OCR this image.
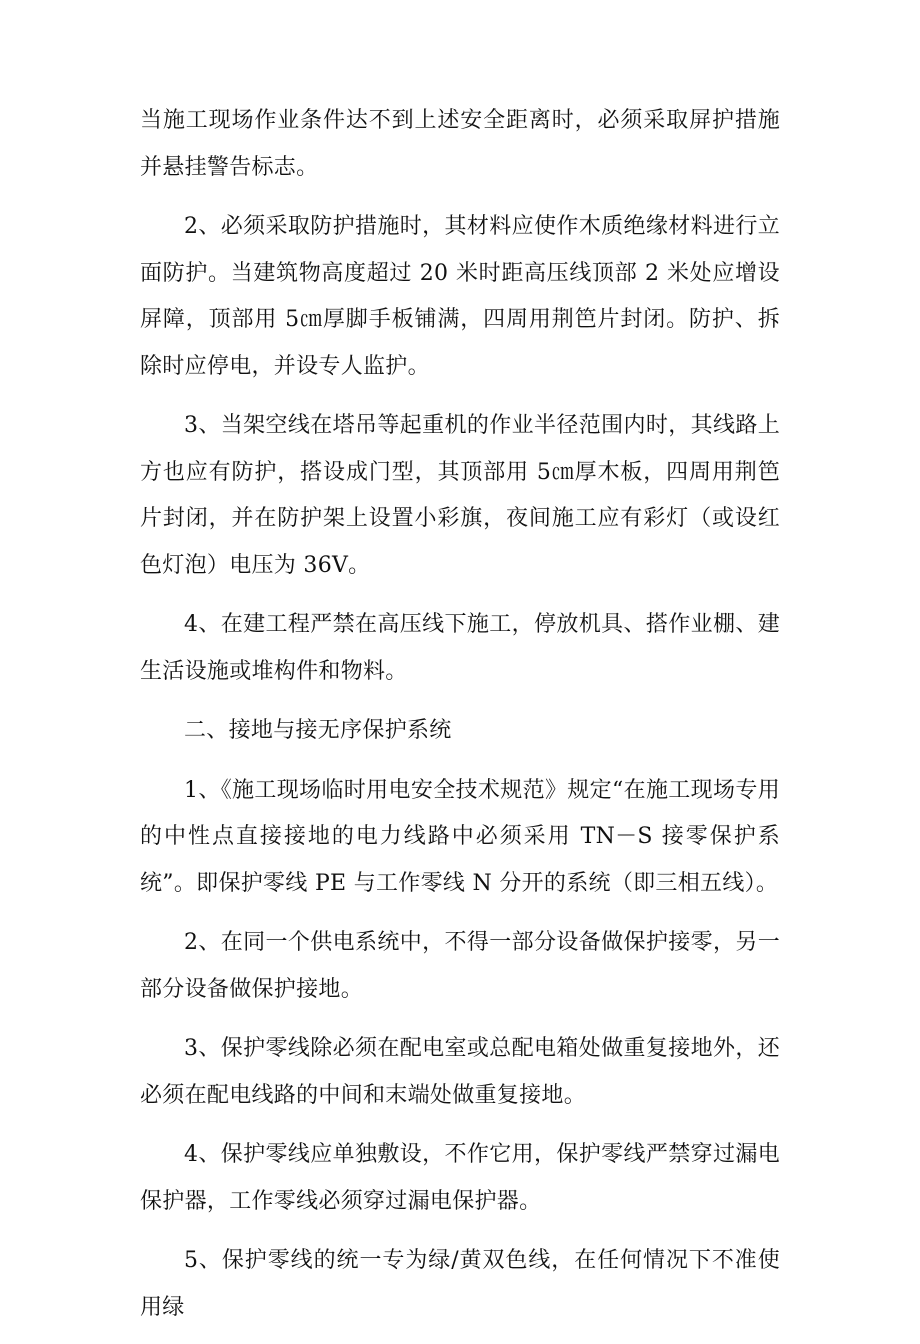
当施工现场作业条件达不到上述安全距离时，必须采取屏护措施并悬挂警告标志。

2、必须采取防护措施时，其材料应使作木质绝缘材料进行立面防护。当建筑物高度超过 20 米时距高压线顶部 2 米处应增设屏障，顶部用 5㎝厚脚手板铺满，四周用荆笆片封闭。防护、拆除时应停电，并设专人监护。

3、当架空线在塔吊等起重机的作业半径范围内时，其线路上方也应有防护，搭设成门型，其顶部用 5㎝厚木板，四周用荆笆片封闭，并在防护架上设置小彩旗，夜间施工应有彩灯（或设红色灯泡）电压为 36V。

4、在建工程严禁在高压线下施工，停放机具、搭作业棚、建生活设施或堆构件和物料。

二、接地与接无序保护系统

1、《施工现场临时用电安全技术规范》规定“在施工现场专用的中性点直接接地的电力线路中必须采用 TN－S 接零保护系统”。即保护零线 PE 与工作零线 N 分开的系统（即三相五线）。

2、在同一个供电系统中，不得一部分设备做保护接零，另一部分设备做保护接地。

3、保护零线除必须在配电室或总配电箱处做重复接地外，还必须在配电线路的中间和末端处做重复接地。

4、保护零线应单独敷设，不作它用，保护零线严禁穿过漏电保护器，工作零线必须穿过漏电保护器。

5、保护零线的统一专为绿/黄双色线，在任何情况下不准使用绿
